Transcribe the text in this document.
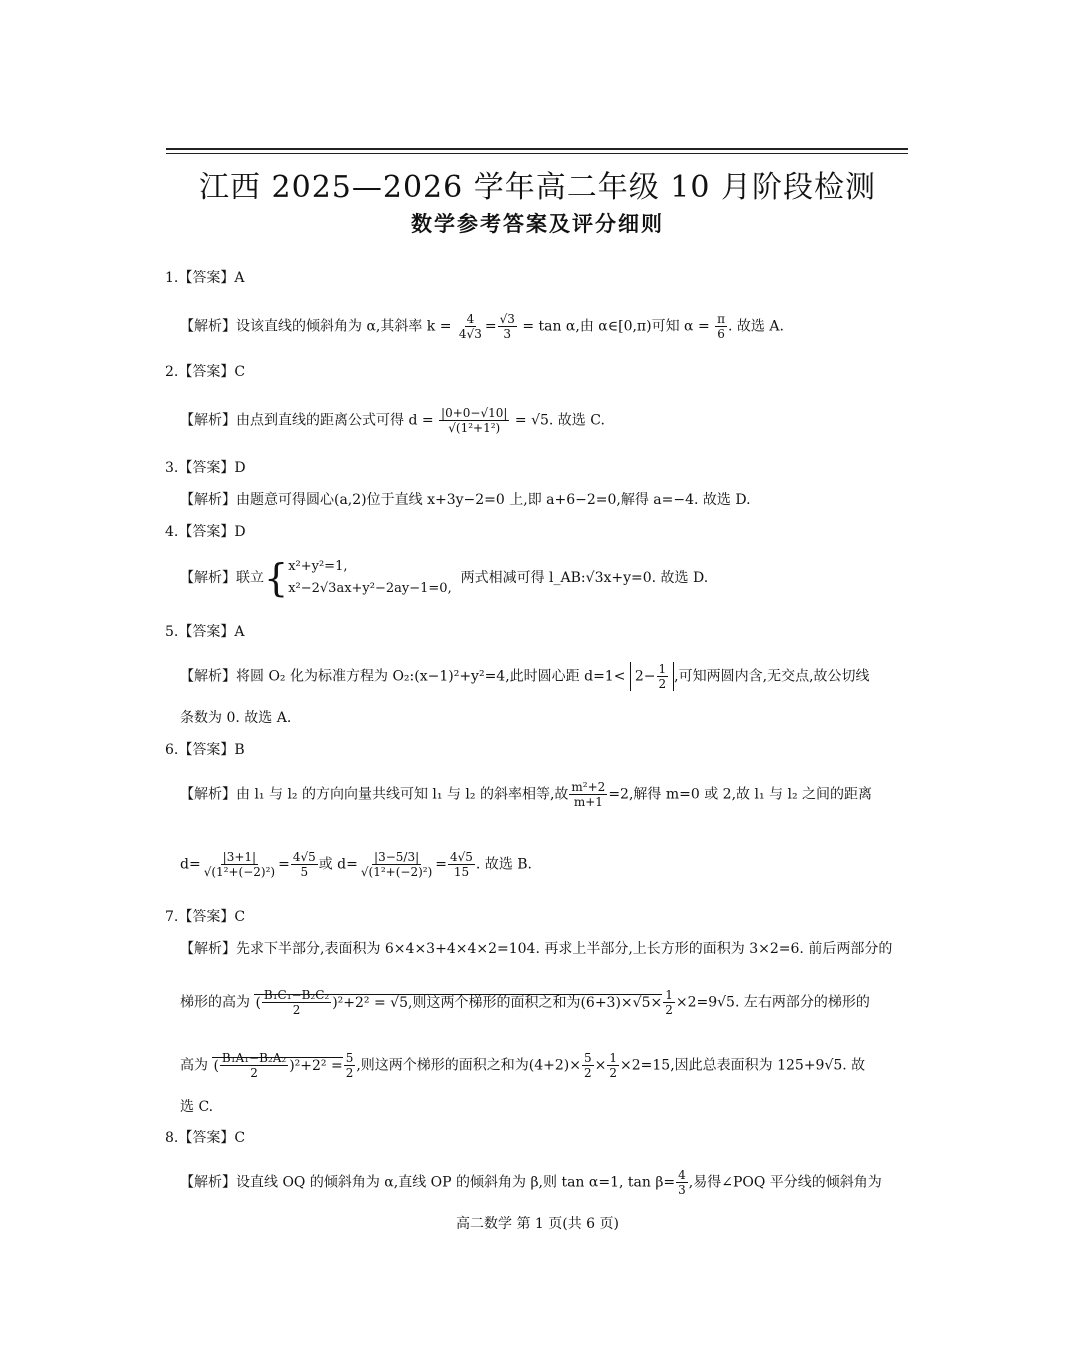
江西 2025—2026 学年高二年级 10 月阶段检测
数学参考答案及评分细则
1.【答案】A
【解析】设该直线的倾斜角为 α,其斜率 $k = \frac{4}{4√3} = \frac{√3}{3} = \tan \alpha$,由 α∈[0,π)可知 $\alpha = \frac{\pi}{6}$ . 故选 A.
2.【答案】C
【解析】由点到直线的距离公式可得 $d = \frac{|0+0-√10|}{\text{√(1²+1²)}} = √5$. 故选 C.
3.【答案】D
【解析】由题意可得圆心(a,2)位于直线 x+3y−2=0 上,即 a+6−2=0,解得 a=−4. 故选 D.
4.【答案】D
【解析】联立{ x²+y²=1,
x²−2√3ax+y²−2ay−1=0,
两式相减可得 l_AB:√3x+y=0. 故选 D.
5.【答案】A
【解析】将圆 O₂ 化为标准方程为 O₂:(x−1)²+y²=4,此时圆心距 $d=1< 2- \frac{1}{2}$ ,可知两圆内含,无交点,故公切线
条数为 0. 故选 A.
6.【答案】B
【解析】由 l₁ 与 l₂ 的方向向量共线可知 l₁ 与 l₂ 的斜率相等,故 $\frac{\text{m²+2}}{m+1} =2$,解得 m=0 或 2,故 l₁ 与 l₂ 之间的距离
$d= \frac{|3+1|}{\text{√(1²+(−2)²)}} = \frac{4√5}{5}$ 或 $d= \frac{|3-5/3|}{\text{√(1²+(−2)²)}} = \frac{4√5}{15}$ . 故选 B.
7.【答案】C
【解析】先求下半部分,表面积为 6×4×3+4×4×2=104. 再求上半部分,上长方形的面积为 3×2=6. 前后两部分的
梯形的高为 ( $\frac{\text{B₁C₁−B₂C₂}}{2} )^2+2^2 = √5$,则这两个梯形的面积之和为$(6+3)\times√5\times \frac{1}{2} \times 2=9√5$. 左右两部分的梯形的
高为 ( $\frac{\text{B₁A₁−B₂A₂}}{2} )^2+2^2 = \frac{5}{2}$ ,则这两个梯形的面积之和为$(4+2)\times \frac{5}{2} \times \frac{1}{2} \times 2=15$,因此总表面积为 125+9√5. 故
选 C.
8.【答案】C
【解析】设直线 OQ 的倾斜角为 α,直线 OP 的倾斜角为 β,则 tan α=1, $\tan \beta= \frac{4}{3}$ ,易得∠POQ 平分线的倾斜角为
高二数学 第 1 页(共 6 页)
